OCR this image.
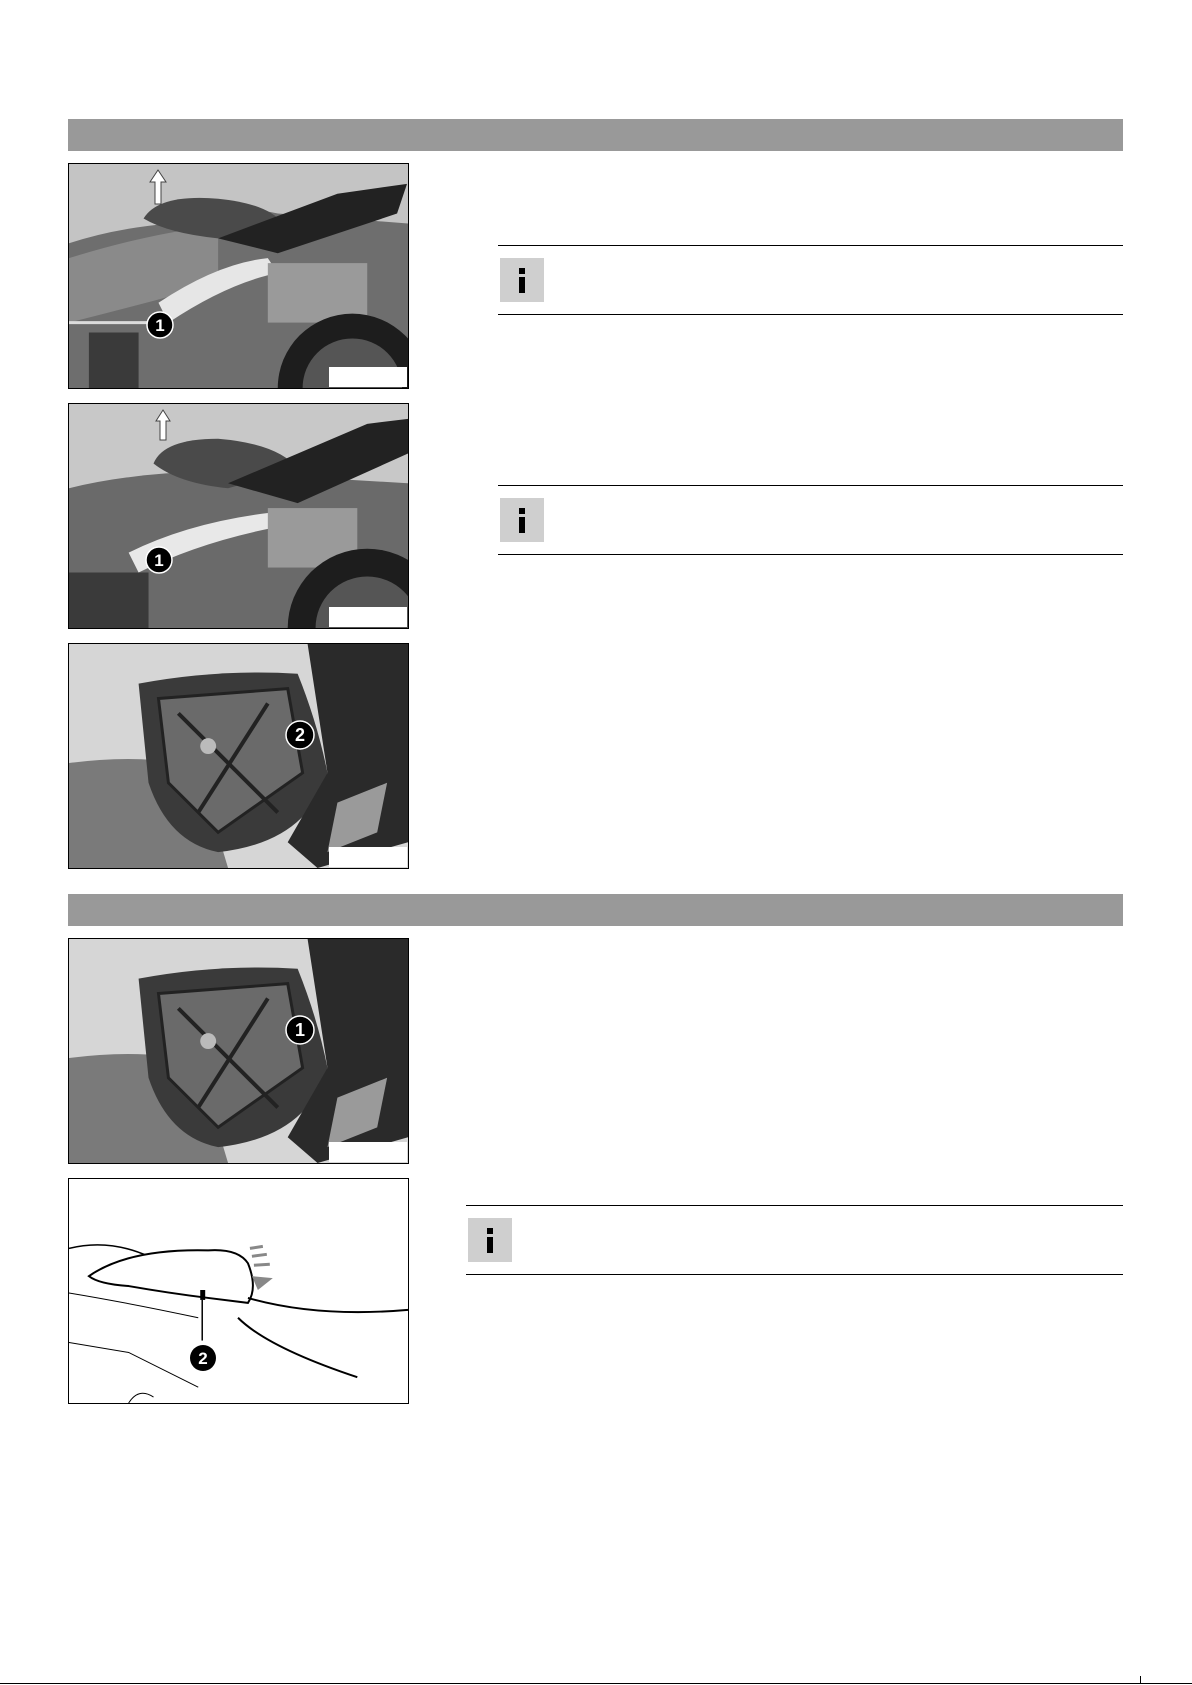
1
1
2
1
2
